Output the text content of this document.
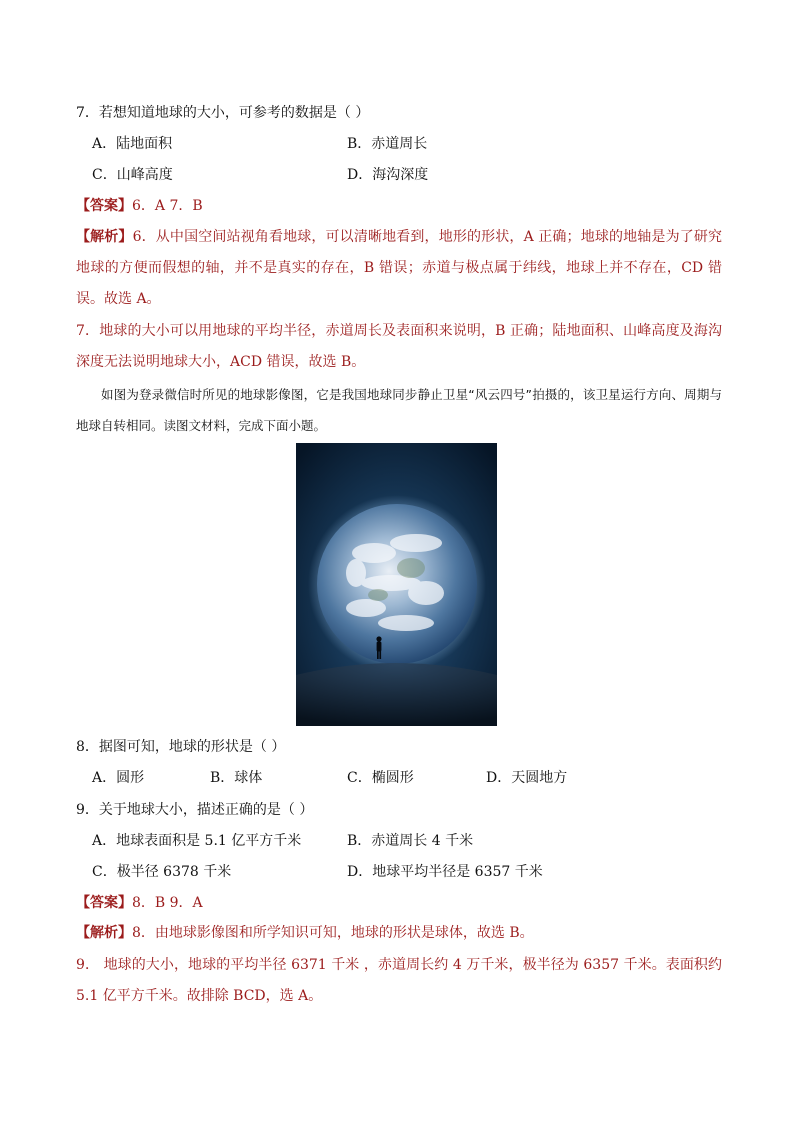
7．若想知道地球的大小，可参考的数据是（ ）
A．陆地面积	B．赤道周长
C．山峰高度	D．海沟深度
【答案】6．A 7．B
【解析】6．从中国空间站视角看地球，可以清晰地看到，地形的形状，A 正确；地球的地轴是为了研究地球的方便而假想的轴，并不是真实的存在，B 错误；赤道与极点属于纬线，地球上并不存在，CD 错误。故选 A。
7．地球的大小可以用地球的平均半径，赤道周长及表面积来说明，B 正确；陆地面积、山峰高度及海沟深度无法说明地球大小，ACD 错误，故选 B。
如图为登录微信时所见的地球影像图，它是我国地球同步静止卫星“风云四号”拍摄的，该卫星运行方向、周期与地球自转相同。读图文材料，完成下面小题。
8．据图可知，地球的形状是（ ）
A．圆形	B．球体	C．椭圆形	D．天圆地方
9．关于地球大小，描述正确的是（ ）
A．地球表面积是 5.1 亿平方千米	B．赤道周长 4 千米
C．极半径 6378 千米	D．地球平均半径是 6357 千米
【答案】8．B 9．A
【解析】8．由地球影像图和所学知识可知，地球的形状是球体，故选 B。
9． 地球的大小，地球的平均半径 6371 千米 ，赤道周长约 4 万千米，极半径为 6357 千米。表面积约 5.1 亿平方千米。故排除 BCD，选 A。
